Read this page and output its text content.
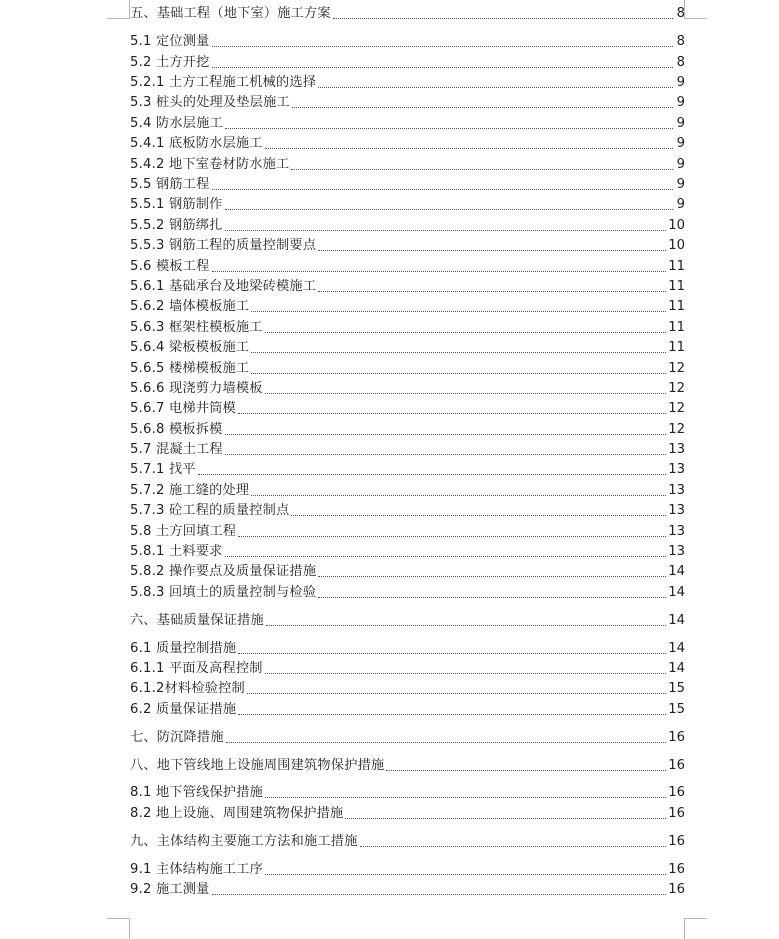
五、基础工程（地下室）施工方案	8
5.1 定位测量	8
5.2 土方开挖	8
5.2.1 土方工程施工机械的选择	9
5.3 桩头的处理及垫层施工	9
5.4 防水层施工	9
5.4.1 底板防水层施工	9
5.4.2 地下室卷材防水施工	9
5.5 钢筋工程	9
5.5.1 钢筋制作	9
5.5.2 钢筋绑扎	10
5.5.3 钢筋工程的质量控制要点	10
5.6 模板工程	11
5.6.1 基础承台及地梁砖模施工	11
5.6.2 墙体模板施工	11
5.6.3 框架柱模板施工	11
5.6.4 梁板模板施工	11
5.6.5 楼梯模板施工	12
5.6.6 现浇剪力墙模板	12
5.6.7 电梯井筒模	12
5.6.8 模板拆模	12
5.7 混凝土工程	13
5.7.1 找平	13
5.7.2 施工缝的处理	13
5.7.3 砼工程的质量控制点	13
5.8 土方回填工程	13
5.8.1 土料要求	13
5.8.2 操作要点及质量保证措施	14
5.8.3 回填土的质量控制与检验	14
六、基础质量保证措施	14
6.1 质量控制措施	14
6.1.1 平面及高程控制	14
6.1.2材料检验控制	15
6.2 质量保证措施	15
七、防沉降措施	16
八、地下管线地上设施周围建筑物保护措施	16
8.1 地下管线保护措施	16
8.2 地上设施、周围建筑物保护措施	16
九、主体结构主要施工方法和施工措施	16
9.1 主体结构施工工序	16
9.2 施工测量	16
